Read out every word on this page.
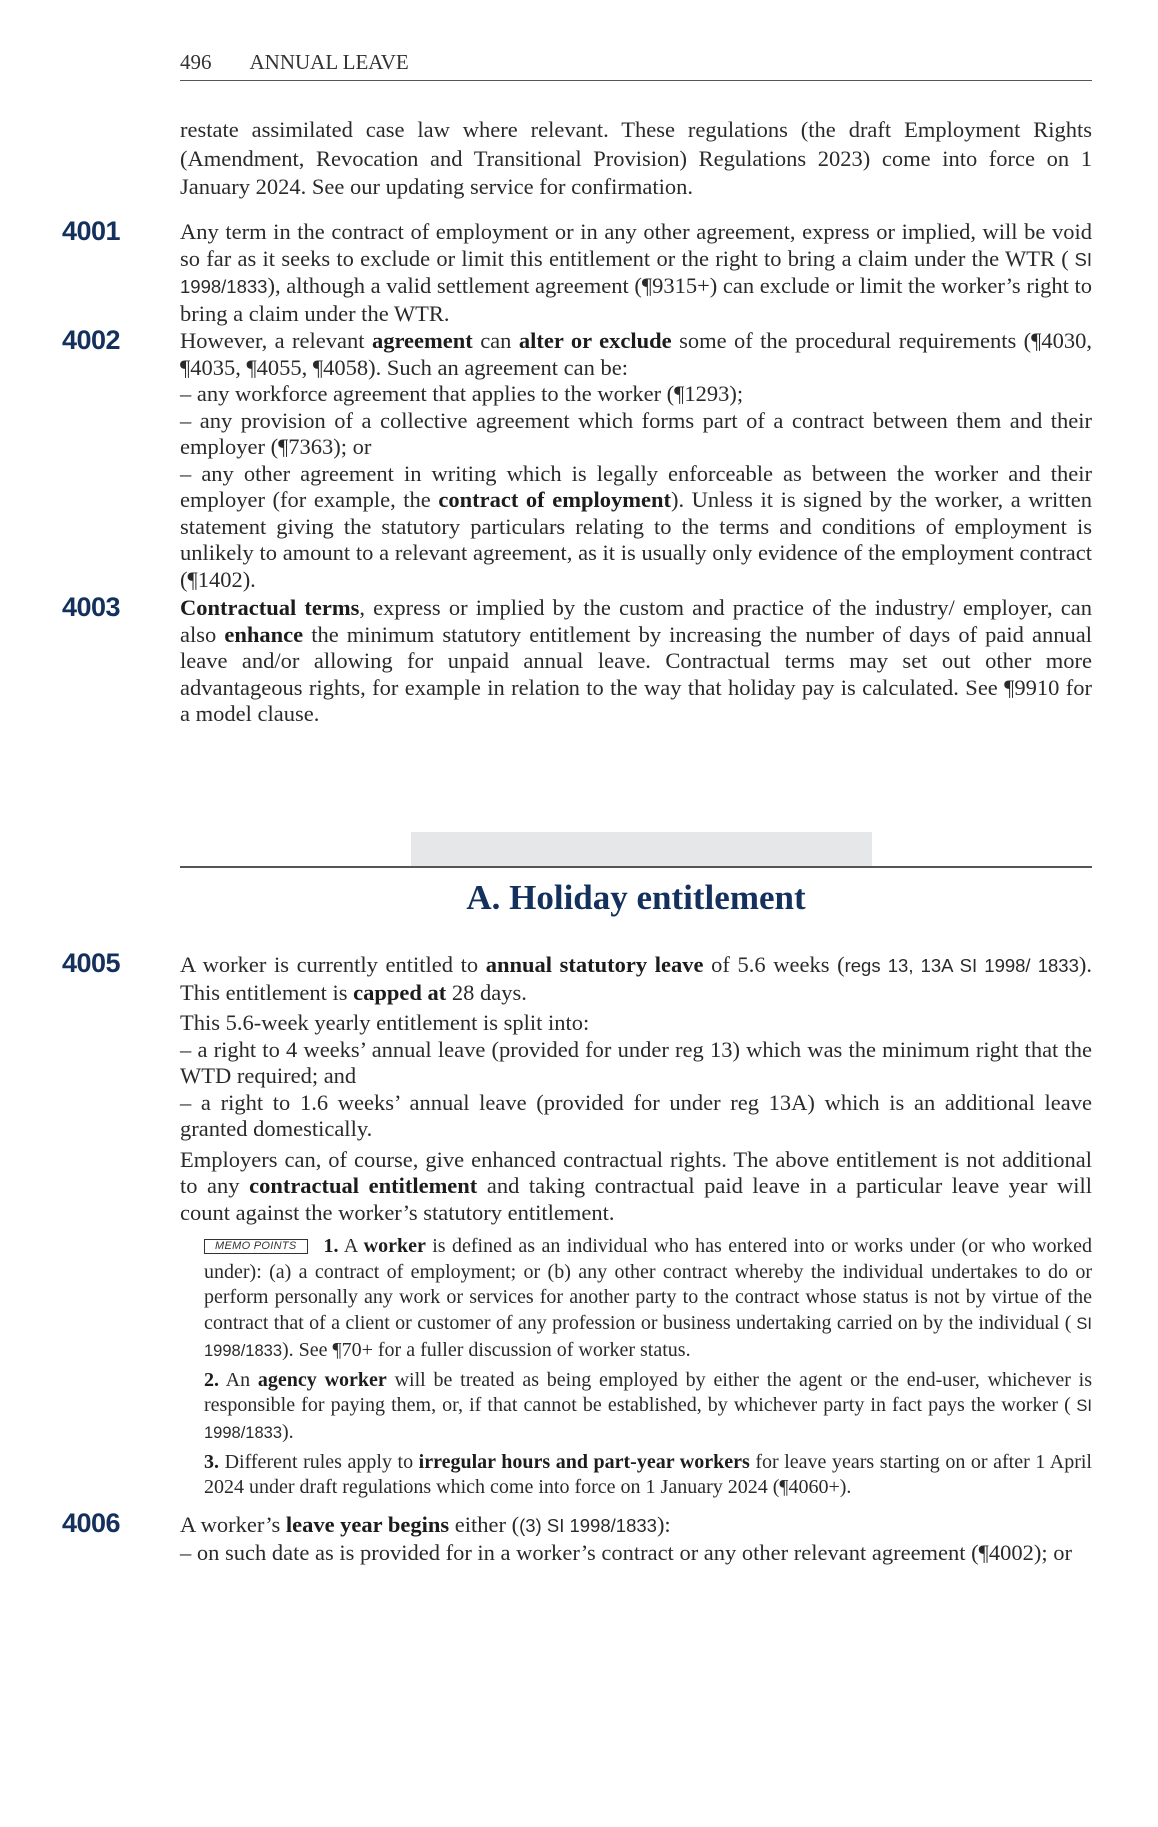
496 ANNUAL LEAVE

restate assimilated case law where relevant. These regulations (the draft Employment Rights (Amendment, Revocation and Transitional Provision) Regulations 2023) come into force on 1 January 2024. See our updating service for confirmation.

4001	Any term in the contract of employment or in any other agreement, express or implied, will be void so far as it seeks to exclude or limit this entitlement or the right to bring a claim under the WTR ( SI 1998/1833), although a valid settlement agreement (¶9315+) can exclude or limit the worker’s right to bring a claim under the WTR.

4002	However, a relevant agreement can alter or exclude some of the procedural requirements (¶4030, ¶4035, ¶4055, ¶4058). Such an agreement can be:

– any workforce agreement that applies to the worker (¶1293);

– any provision of a collective agreement which forms part of a contract between them and their employer (¶7363); or

– any other agreement in writing which is legally enforceable as between the worker and their employer (for example, the contract of employment). Unless it is signed by the worker, a written statement giving the statutory particulars relating to the terms and conditions of employment is unlikely to amount to a relevant agreement, as it is usually only evidence of the employment contract (¶1402).

4003	Contractual terms, express or implied by the custom and practice of the industry/ employer, can also enhance the minimum statutory entitlement by increasing the number of days of paid annual leave and/or allowing for unpaid annual leave. Contractual terms may set out other more advantageous rights, for example in relation to the way that holiday pay is calculated. See ¶9910 for a model clause.

A. Holiday entitlement
4005	A worker is currently entitled to annual statutory leave of 5.6 weeks (regs 13, 13A SI 1998/ 1833). This entitlement is capped at 28 days.

This 5.6-week yearly entitlement is split into:

– a right to 4 weeks’ annual leave (provided for under reg 13) which was the minimum right that the WTD required; and

– a right to 1.6 weeks’ annual leave (provided for under reg 13A) which is an additional leave granted domestically.

Employers can, of course, give enhanced contractual rights. The above entitlement is not additional to any contractual entitlement and taking contractual paid leave in a particular leave year will count against the worker’s statutory entitlement.

MEMO POINTS 1. A worker is defined as an individual who has entered into or works under (or who worked under): (a) a contract of employment; or (b) any other contract whereby the individual undertakes to do or perform personally any work or services for another party to the contract whose status is not by virtue of the contract that of a client or customer of any profession or business undertaking carried on by the individual ( SI 1998/1833). See ¶70+ for a fuller discussion of worker status.

2. An agency worker will be treated as being employed by either the agent or the end-user, whichever is responsible for paying them, or, if that cannot be established, by whichever party in fact pays the worker ( SI 1998/1833).

3. Different rules apply to irregular hours and part-year workers for leave years starting on or after 1 April 2024 under draft regulations which come into force on 1 January 2024 (¶4060+).

4006	A worker’s leave year begins either ((3) SI 1998/1833):

– on such date as is provided for in a worker’s contract or any other relevant agreement (¶4002); or
